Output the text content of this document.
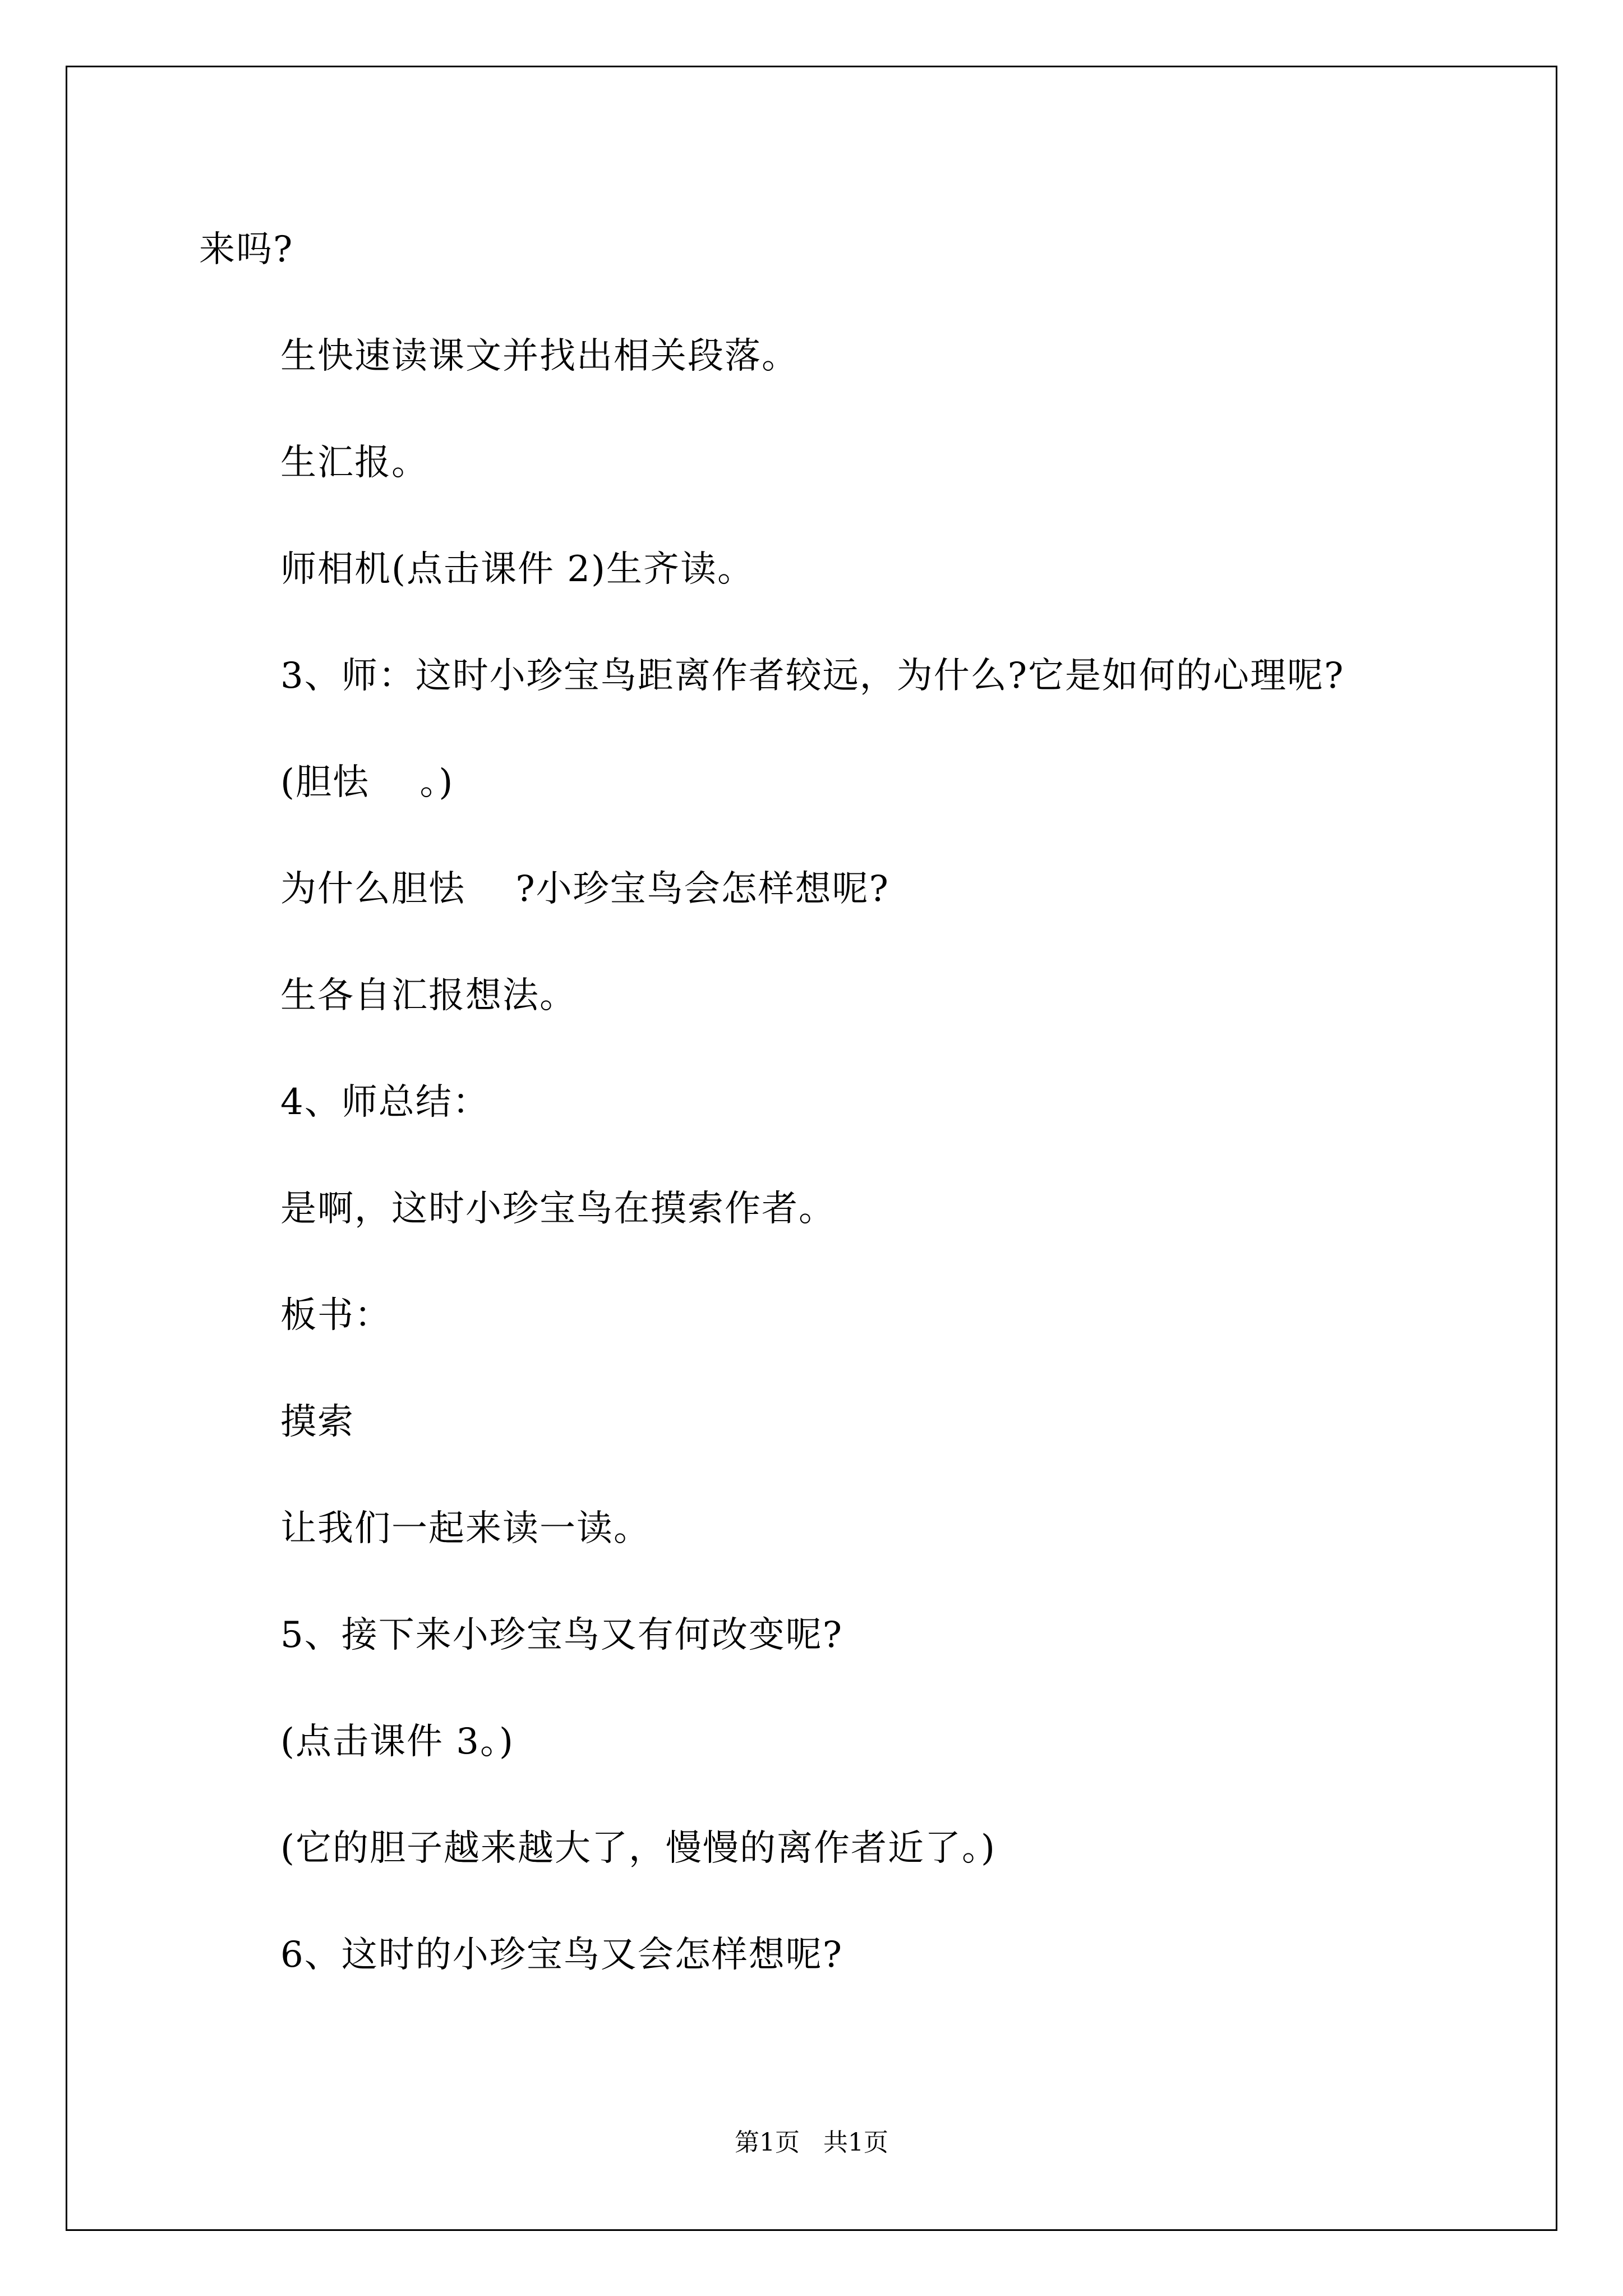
来吗?
生快速读课文并找出相关段落。
生汇报。
师相机(点击课件 2)生齐读。
3、师：这时小珍宝鸟距离作者较远，为什么?它是如何的心理呢?
(胆怯    。)
为什么胆怯    ?小珍宝鸟会怎样想呢?
生各自汇报想法。
4、师总结：
是啊，这时小珍宝鸟在摸索作者。
板书：
摸索
让我们一起来读一读。
5、接下来小珍宝鸟又有何改变呢?
(点击课件 3。)
(它的胆子越来越大了，慢慢的离作者近了。)
6、这时的小珍宝鸟又会怎样想呢?
第1页   共1页
